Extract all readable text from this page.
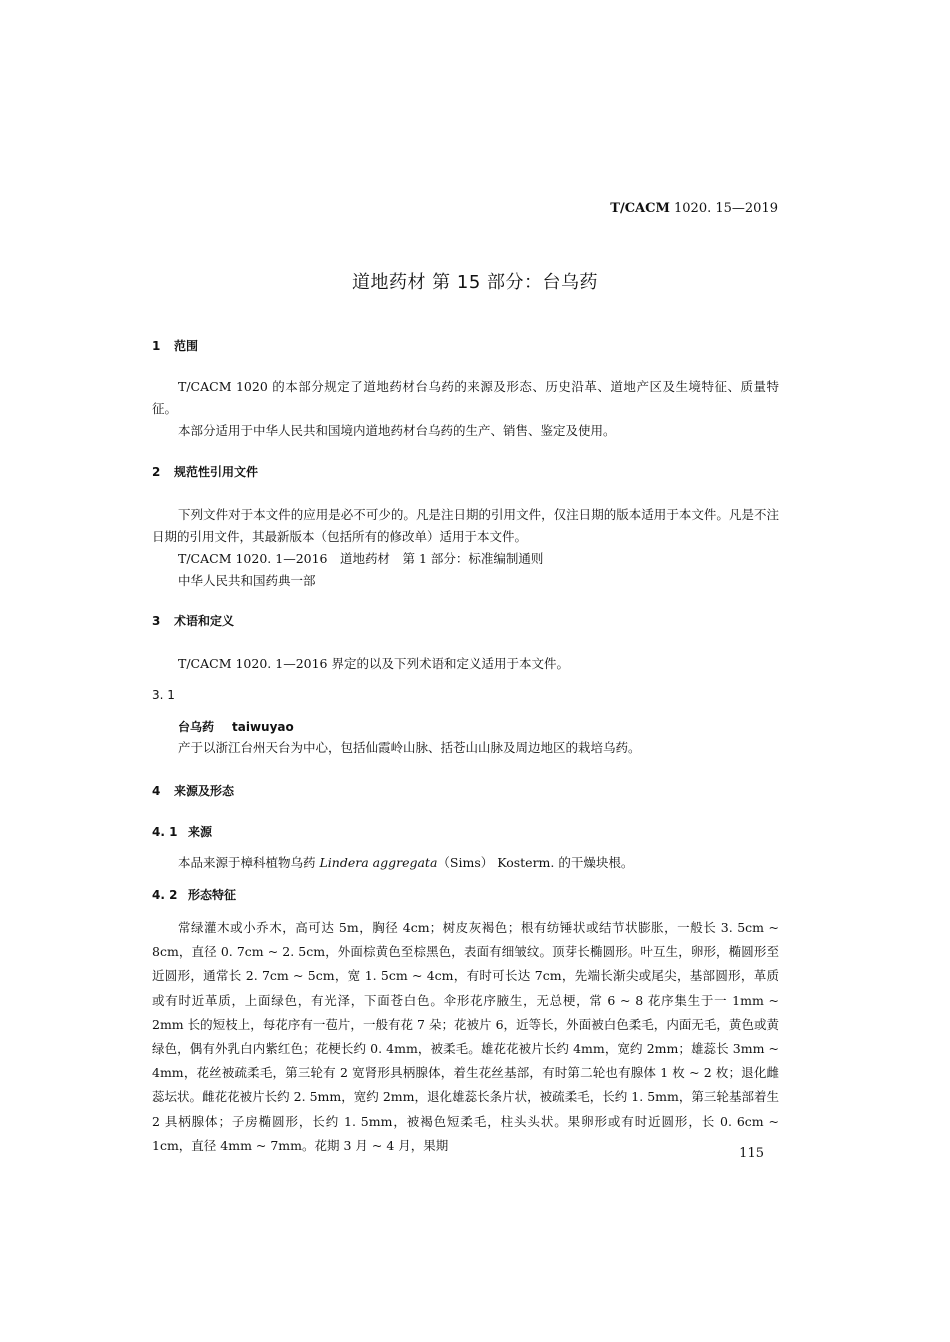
T/CACM 1020. 15—2019
道地药材 第 15 部分：台乌药
1 范围

T/CACM 1020 的本部分规定了道地药材台乌药的来源及形态、历史沿革、道地产区及生境特征、质量特征。

本部分适用于中华人民共和国境内道地药材台乌药的生产、销售、鉴定及使用。

2 规范性引用文件

下列文件对于本文件的应用是必不可少的。凡是注日期的引用文件，仅注日期的版本适用于本文件。凡是不注日期的引用文件，其最新版本（包括所有的修改单）适用于本文件。

T/CACM 1020. 1—2016　道地药材　第 1 部分：标准编制通则
中华人民共和国药典一部
3 术语和定义

T/CACM 1020. 1—2016 界定的以及下列术语和定义适用于本文件。

3. 1
台乌药 taiwuyao
产于以浙江台州天台为中心，包括仙霞岭山脉、括苍山山脉及周边地区的栽培乌药。
4 来源及形态
4. 1 来源
本品来源于樟科植物乌药 Lindera aggregata（Sims） Kosterm. 的干燥块根。
4. 2 形态特征

常绿灌木或小乔木，高可达 5m，胸径 4cm；树皮灰褐色；根有纺锤状或结节状膨胀，一般长 3. 5cm ~ 8cm，直径 0. 7cm ~ 2. 5cm，外面棕黄色至棕黑色，表面有细皱纹。顶芽长椭圆形。叶互生，卵形，椭圆形至近圆形，通常长 2. 7cm ~ 5cm，宽 1. 5cm ~ 4cm，有时可长达 7cm，先端长渐尖或尾尖，基部圆形，革质或有时近革质，上面绿色，有光泽，下面苍白色。伞形花序腋生，无总梗，常 6 ~ 8 花序集生于一 1mm ~ 2mm 长的短枝上，每花序有一苞片，一般有花 7 朵；花被片 6，近等长，外面被白色柔毛，内面无毛，黄色或黄绿色，偶有外乳白内紫红色；花梗长约 0. 4mm，被柔毛。雄花花被片长约 4mm，宽约 2mm；雄蕊长 3mm ~ 4mm，花丝被疏柔毛，第三轮有 2 宽肾形具柄腺体，着生花丝基部，有时第二轮也有腺体 1 枚 ~ 2 枚；退化雌蕊坛状。雌花花被片长约 2. 5mm，宽约 2mm，退化雄蕊长条片状，被疏柔毛，长约 1. 5mm，第三轮基部着生 2 具柄腺体；子房椭圆形，长约 1. 5mm，被褐色短柔毛，柱头头状。果卵形或有时近圆形，长 0. 6cm ~ 1cm，直径 4mm ~ 7mm。花期 3 月 ~ 4 月，果期

115
